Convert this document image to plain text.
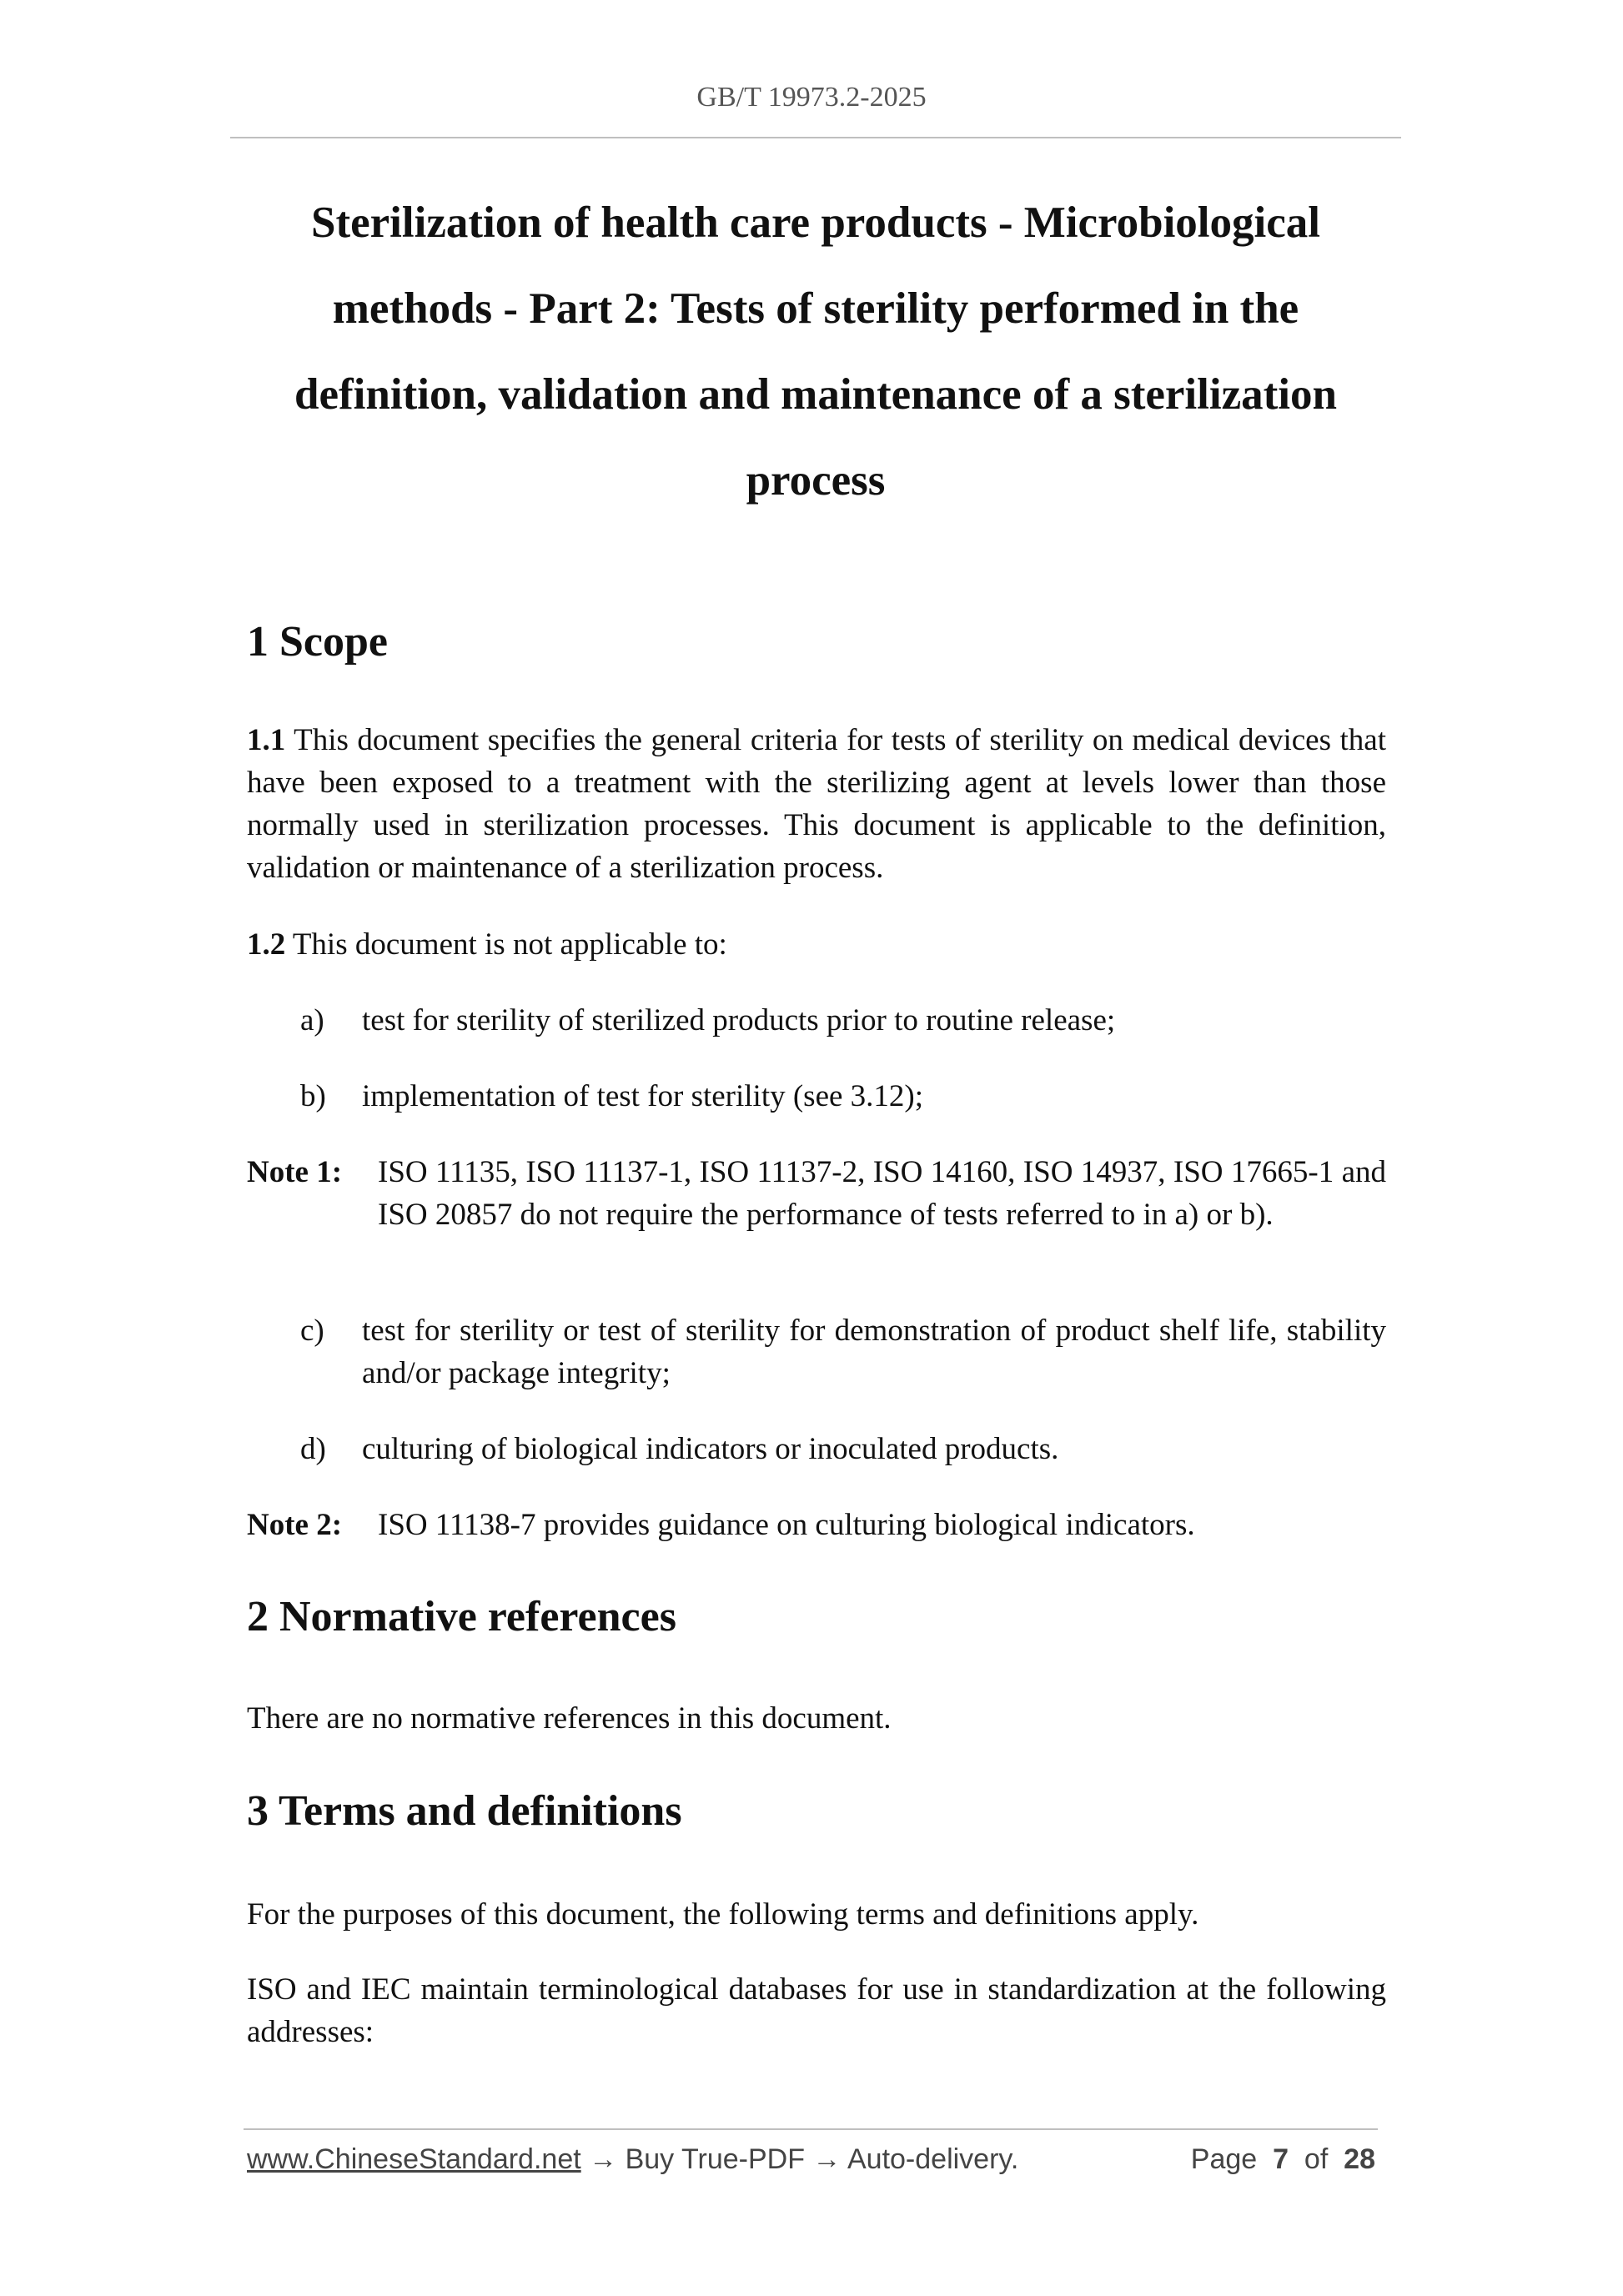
GB/T 19973.2-2025
Sterilization of health care products - Microbiological methods - Part 2: Tests of sterility performed in the definition, validation and maintenance of a sterilization process
1 Scope
1.1 This document specifies the general criteria for tests of sterility on medical devices that have been exposed to a treatment with the sterilizing agent at levels lower than those normally used in sterilization processes. This document is applicable to the definition, validation or maintenance of a sterilization process.
1.2 This document is not applicable to:
a)	test for sterility of sterilized products prior to routine release;
b)	implementation of test for sterility (see 3.12);
Note 1: ISO 11135, ISO 11137-1, ISO 11137-2, ISO 14160, ISO 14937, ISO 17665-1 and ISO 20857 do not require the performance of tests referred to in a) or b).
c)	test for sterility or test of sterility for demonstration of product shelf life, stability and/or package integrity;
d)	culturing of biological indicators or inoculated products.
Note 2: ISO 11138-7 provides guidance on culturing biological indicators.
2 Normative references
There are no normative references in this document.
3 Terms and definitions
For the purposes of this document, the following terms and definitions apply.
ISO and IEC maintain terminological databases for use in standardization at the following addresses:
www.ChineseStandard.net → Buy True-PDF → Auto-delivery.	Page 7 of 28
